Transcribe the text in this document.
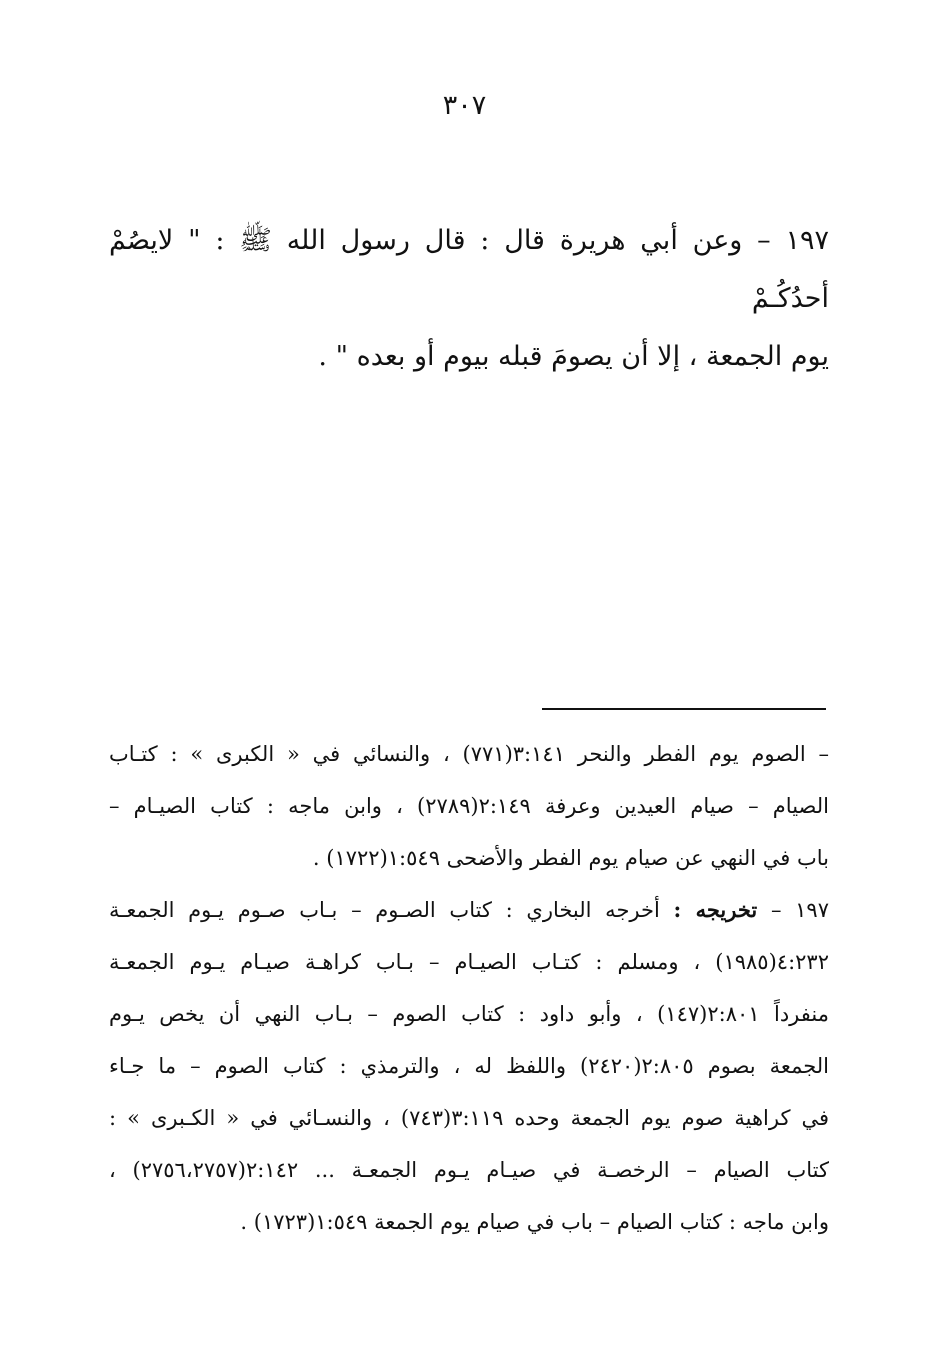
٣٠٧

١٩٧ – وعن أبي هريرة قال : قال رسول الله ﷺ : " لايصُمْ أحدُكُـمْ

يوم الجمعة ، إلا أن يصومَ قبله بيوم أو بعده " .

– الصوم يوم الفطر والنحر ٣:١٤١(٧٧١) ، والنسائي في « الكبرى » : كتـاب
الصيام – صيام العيدين وعرفة ٢:١٤٩(٢٧٨٩) ، وابن ماجه : كتاب الصيـام –
باب في النهي عن صيام يوم الفطر والأضحى ١:٥٤٩(١٧٢٢) .
١٩٧ – تخريجه : أخرجه البخاري : كتاب الصـوم – بـاب صـوم يـوم الجمعـة
٤:٢٣٢(١٩٨٥) ، ومسلم : كتـاب الصيـام – بـاب كراهـة صيـام يـوم الجمعـة
منفرداً ٢:٨٠١(١٤٧) ، وأبو داود : كتاب الصوم – بـاب النهي أن يخص يـوم
الجمعة بصوم ٢:٨٠٥(٢٤٢٠) واللفظ له ، والترمذي : كتاب الصوم – ما جـاء
في كراهية صوم يوم الجمعة وحده ٣:١١٩(٧٤٣) ، والنسـائي في « الكـبرى » :
كتاب الصيام – الرخصـة في صيـام يـوم الجمعـة ... ٢:١٤٢(٢٧٥٦،٢٧٥٧) ،
وابن ماجه : كتاب الصيام – باب في صيام يوم الجمعة ١:٥٤٩(١٧٢٣) .
